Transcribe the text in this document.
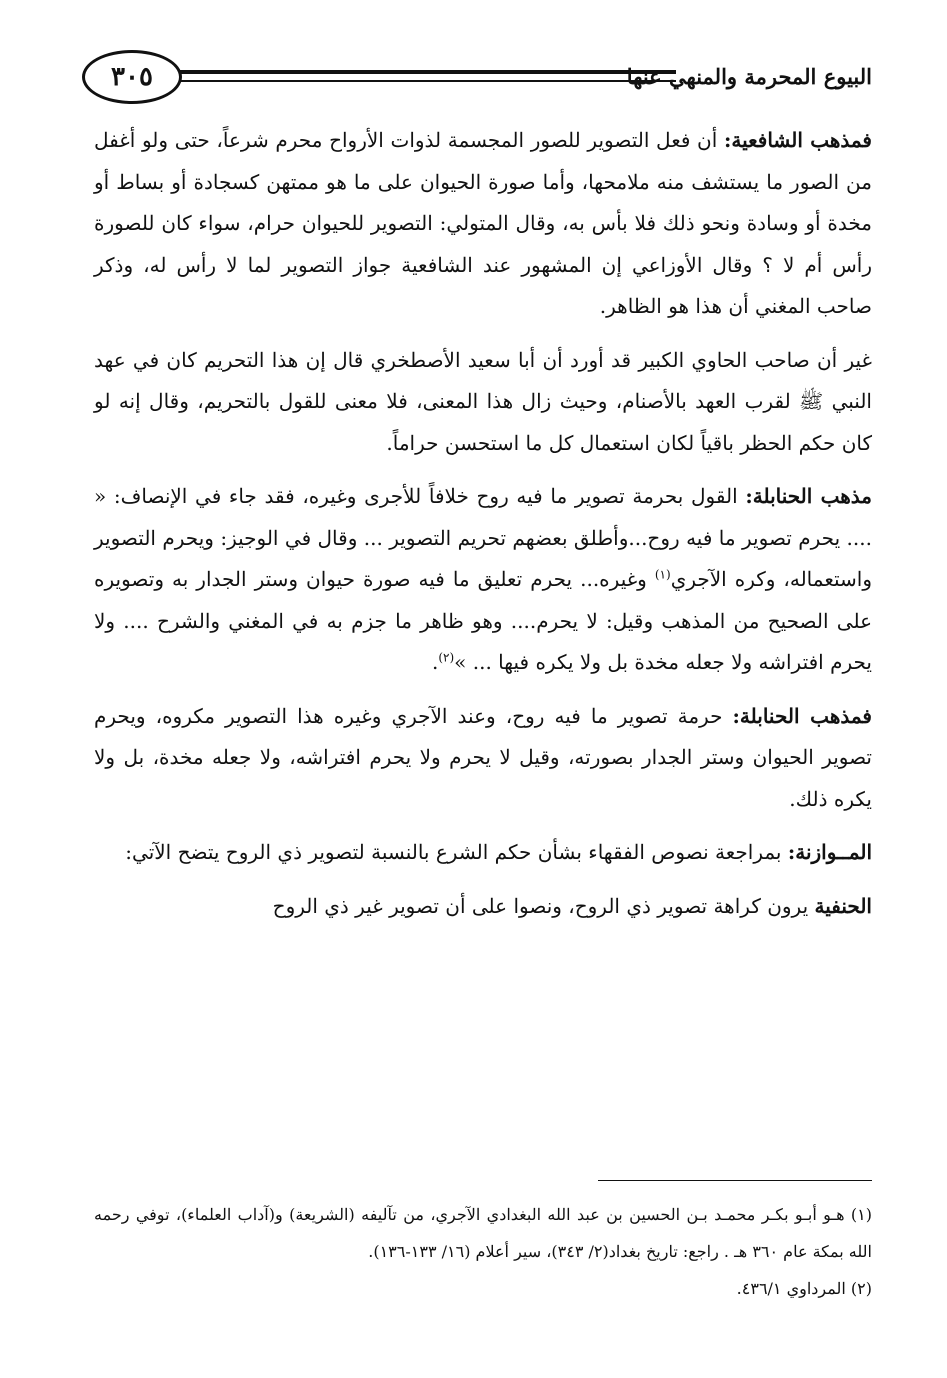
٣٠٥	البيوع المحرمة والمنهي عنها

فمذهب الشافعية: أن فعل التصوير للصور المجسمة لذوات الأرواح محرم شرعاً، حتى ولو أغفل من الصور ما يستشف منه ملامحها، وأما صورة الحيوان على ما هو ممتهن كسجادة أو بساط أو مخدة أو وسادة ونحو ذلك فلا بأس به، وقال المتولي: التصوير للحيوان حرام، سواء كان للصورة رأس أم لا ؟ وقال الأوزاعي إن المشهور عند الشافعية جواز التصوير لما لا رأس له، وذكر صاحب المغني أن هذا هو الظاهر.

غير أن صاحب الحاوي الكبير قد أورد أن أبا سعيد الأصطخري قال إن هذا التحريم كان في عهد النبي ﷺ لقرب العهد بالأصنام، وحيث زال هذا المعنى، فلا معنى للقول بالتحريم، وقال إنه لو كان حكم الحظر باقياً لكان استعمال كل ما استحسن حراماً.

مذهب الحنابلة: القول بحرمة تصوير ما فيه روح خلافاً للأجرى وغيره، فقد جاء في الإنصاف: « .... يحرم تصوير ما فيه روح...وأطلق بعضهم تحريم التصوير ... وقال في الوجيز: ويحرم التصوير واستعماله، وكره الآجري$^{(١)}$ وغيره... يحرم تعليق ما فيه صورة حيوان وستر الجدار به وتصويره على الصحيح من المذهب وقيل: لا يحرم.... وهو ظاهر ما جزم به في المغني والشرح .... ولا يحرم افتراشه ولا جعله مخدة بل ولا يكره فيها ... »$^{(٢)}$.

فمذهب الحنابلة: حرمة تصوير ما فيه روح، وعند الآجري وغيره هذا التصوير مكروه، ويحرم تصوير الحيوان وستر الجدار بصورته، وقيل لا يحرم ولا يحرم افتراشه، ولا جعله مخدة، بل ولا يكره ذلك.

المــوازنة: بمراجعة نصوص الفقهاء بشأن حكم الشرع بالنسبة لتصوير ذي الروح يتضح الآتي:

الحنفية يرون كراهة تصوير ذي الروح، ونصوا على أن تصوير غير ذي الروح

(١) هـو أبـو بكـر محمـد بـن الحسين بن عبد الله البغدادي الآجري، من تآليفه (الشريعة) و(آداب العلماء)، توفي رحمه الله بمكة عام ٣٦٠ هـ . راجع: تاريخ بغداد(٢/ ٣٤٣)، سير أعلام (١٦/ ١٣٣-١٣٦).

(٢) المرداوي ٤٣٦/١.
